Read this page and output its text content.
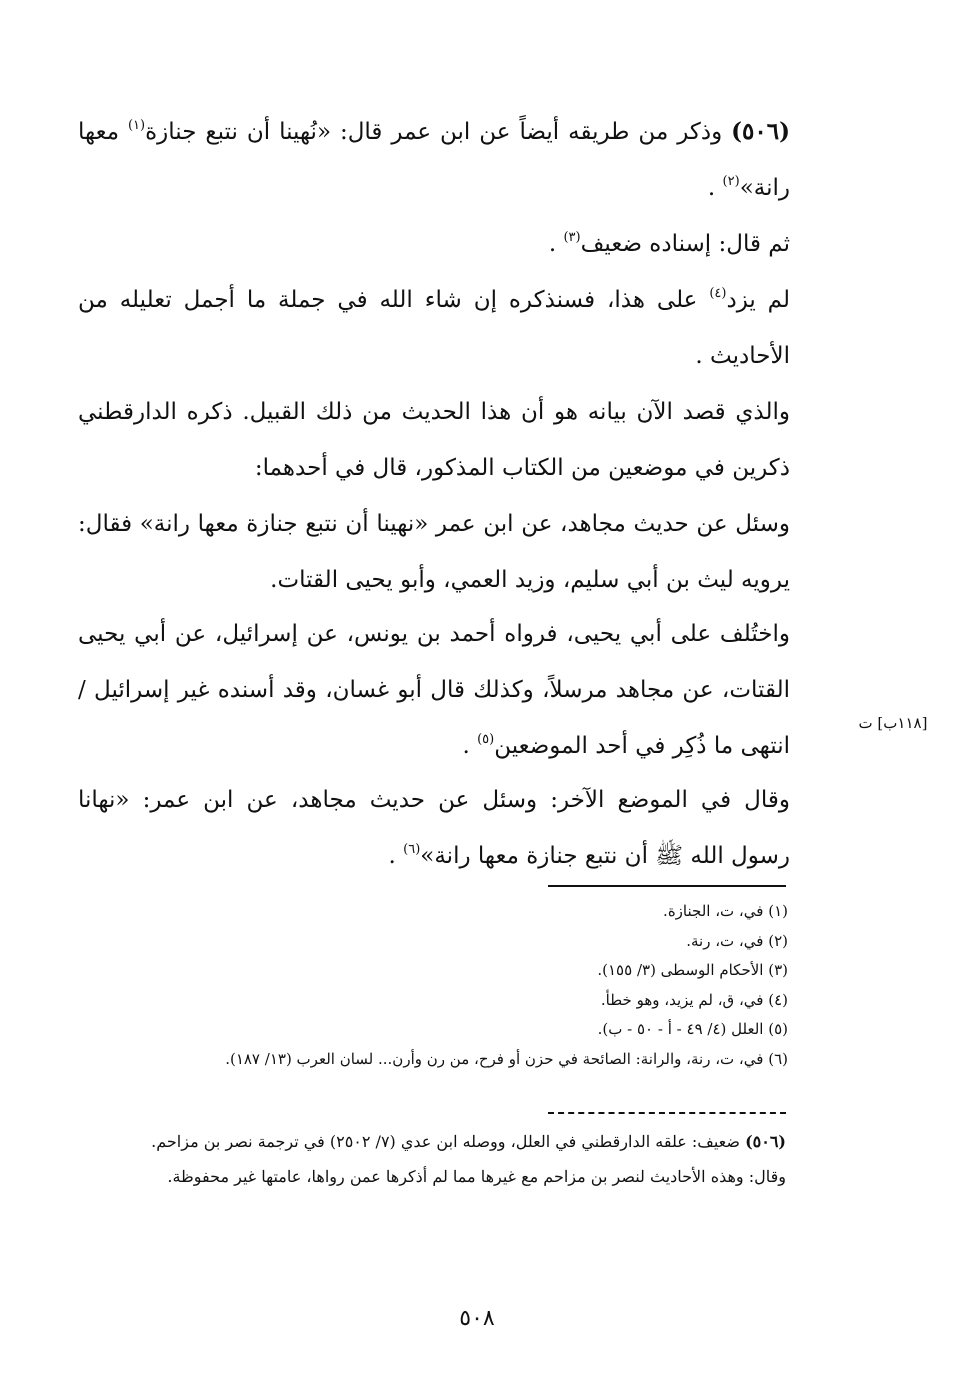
(٥٠٦) وذكر من طريقه أيضاً عن ابن عمر قال: «نُهينا أن نتبع جنازة$^{(١)}$ معها رانة»$^{(٢)}$ .

ثم قال: إسناده ضعيف$^{(٣)}$ .

لم يزد$^{(٤)}$ على هذا، فسنذكره إن شاء الله في جملة ما أجمل تعليله من الأحاديث .

والذي قصد الآن بيانه هو أن هذا الحديث من ذلك القبيل. ذكره الدارقطني ذكرين في موضعين من الكتاب المذكور، قال في أحدهما:

وسئل عن حديث مجاهد، عن ابن عمر «نهينا أن نتبع جنازة معها رانة» فقال: يرويه ليث بن أبي سليم، وزيد العمي، وأبو يحيى القتات.

واختُلف على أبي يحيى، فرواه أحمد بن يونس، عن إسرائيل، عن أبي يحيى القتات، عن مجاهد مرسلاً، وكذلك قال أبو غسان، وقد أسنده غير إسرائيل / انتهى ما ذُكِر في أحد الموضعين$^{(٥)}$ .

[١١٨ب] ت

وقال في الموضع الآخر: وسئل عن حديث مجاهد، عن ابن عمر: «نهانا رسول الله ﷺ أن نتبع جنازة معها رانة»$^{(٦)}$ .

(١) في، ت، الجنازة.

(٢) في، ت، رنة.

(٣) الأحكام الوسطى (٣/ ١٥٥).

(٤) في، ق، لم يزيد، وهو خطأ.

(٥) العلل (٤/ ٤٩ - أ - ٥٠ - ب).

(٦) في، ت، رنة، والرانة: الصائحة في حزن أو فرح، من رن وأرن... لسان العرب (١٣/ ١٨٧).

(٥٠٦) ضعيف: علقه الدارقطني في العلل، ووصله ابن عدي (٧/ ٢٥٠٢) في ترجمة نصر بن مزاحم.

وقال: وهذه الأحاديث لنصر بن مزاحم مع غيرها مما لم أذكرها عمن رواها، عامتها غير محفوظة.

٥٠٨
